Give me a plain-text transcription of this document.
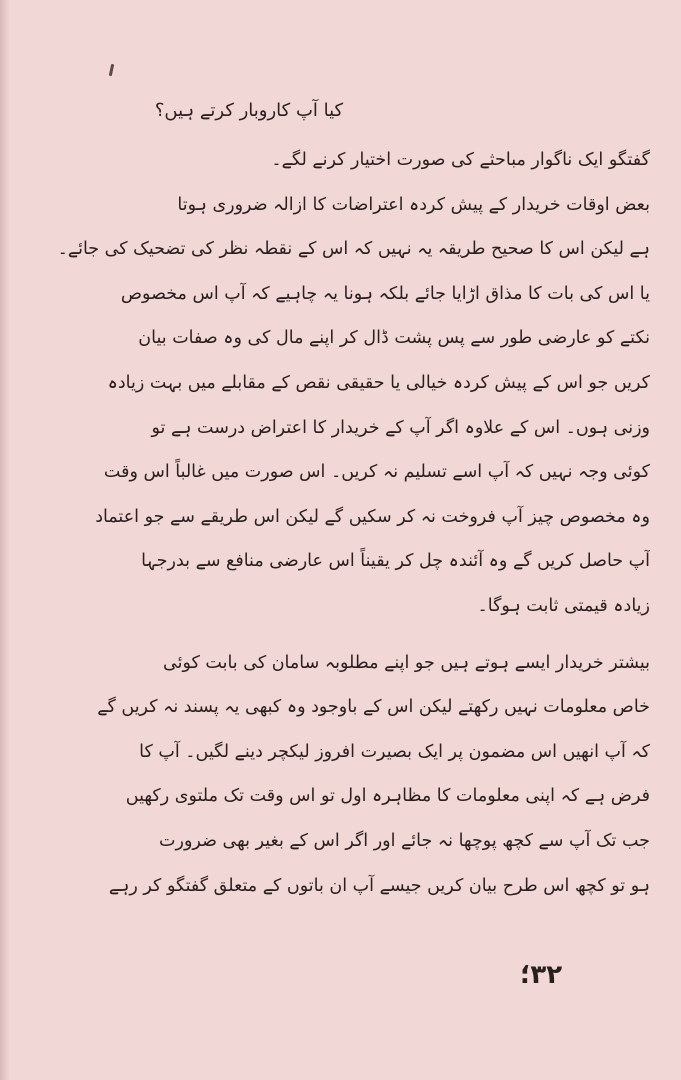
کیا آپ کاروبار کرتے ہیں؟
گفتگو ایک ناگوار مباحثے کی صورت اختیار کرنے لگے۔
بعض اوقات خریدار کے پیش کردہ اعتراضات کا ازالہ ضروری ہوتا
ہے لیکن اس کا صحیح طریقہ یہ نہیں کہ اس کے نقطہ نظر کی تضحیک کی جائے۔
یا اس کی بات کا مذاق اڑایا جائے بلکہ ہونا یہ چاہیے کہ آپ اس مخصوص
نکتے کو عارضی طور سے پس پشت ڈال کر اپنے مال کی وہ صفات بیان
کریں جو اس کے پیش کردہ خیالی یا حقیقی نقص کے مقابلے میں بہت زیادہ
وزنی ہوں۔ اس کے علاوہ اگر آپ کے خریدار کا اعتراض درست ہے تو
کوئی وجہ نہیں کہ آپ اسے تسلیم نہ کریں۔ اس صورت میں غالباً اس وقت
وہ مخصوص چیز آپ فروخت نہ کر سکیں گے لیکن اس طریقے سے جو اعتماد
آپ حاصل کریں گے وہ آئندہ چل کر یقیناً اس عارضی منافع سے بدرجہا
زیادہ قیمتی ثابت ہوگا۔
بیشتر خریدار ایسے ہوتے ہیں جو اپنے مطلوبہ سامان کی بابت کوئی
خاص معلومات نہیں رکھتے لیکن اس کے باوجود وہ کبھی یہ پسند نہ کریں گے
کہ آپ انھیں اس مضمون پر ایک بصیرت افروز لیکچر دینے لگیں۔ آپ کا
فرض ہے کہ اپنی معلومات کا مظاہرہ اول تو اس وقت تک ملتوی رکھیں
جب تک آپ سے کچھ پوچھا نہ جائے اور اگر اس کے بغیر بھی ضرورت
ہو تو کچھ اس طرح بیان کریں جیسے آپ ان باتوں کے متعلق گفتگو کر رہے
۳۲؛
